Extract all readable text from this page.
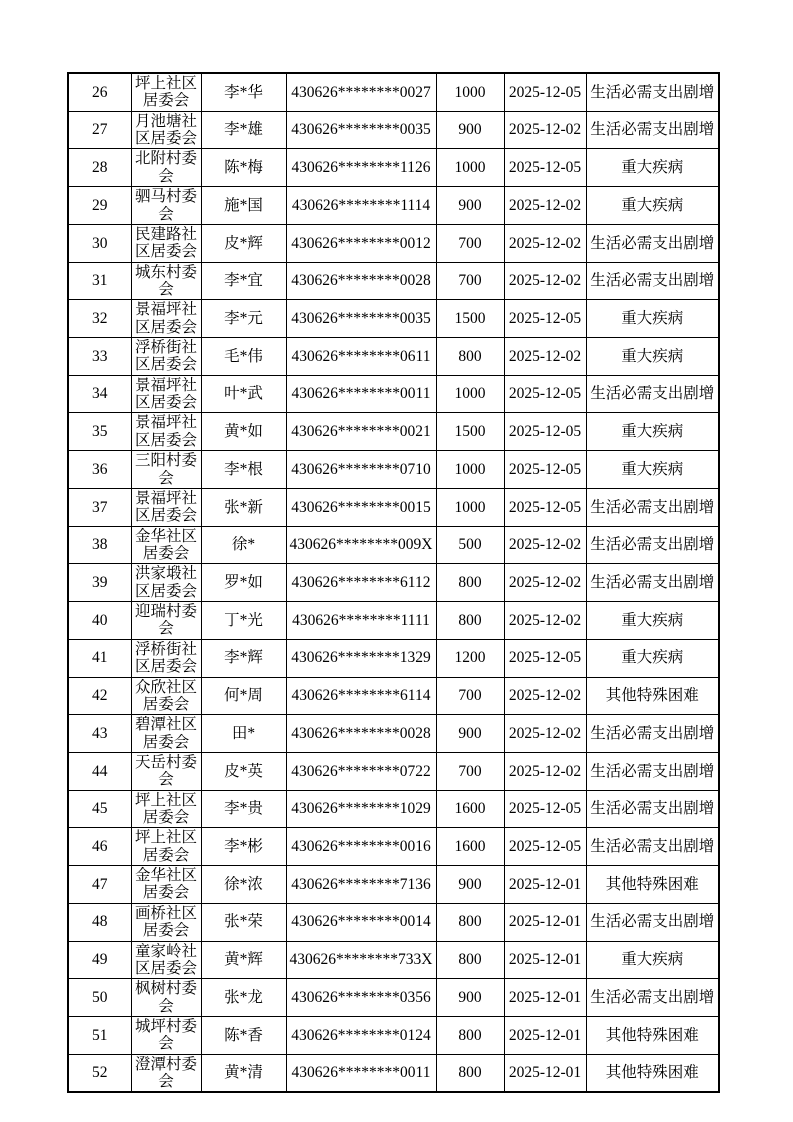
26	坪上社区居委会	李*华	430626********0027	1000	2025-12-05	生活必需支出剧增
27	月池塘社区居委会	李*雄	430626********0035	900	2025-12-02	生活必需支出剧增
28	北附村委会	陈*梅	430626********1126	1000	2025-12-05	重大疾病
29	驷马村委会	施*国	430626********1114	900	2025-12-02	重大疾病
30	民建路社区居委会	皮*辉	430626********0012	700	2025-12-02	生活必需支出剧增
31	城东村委会	李*宜	430626********0028	700	2025-12-02	生活必需支出剧增
32	景福坪社区居委会	李*元	430626********0035	1500	2025-12-05	重大疾病
33	浮桥街社区居委会	毛*伟	430626********0611	800	2025-12-02	重大疾病
34	景福坪社区居委会	叶*武	430626********0011	1000	2025-12-05	生活必需支出剧增
35	景福坪社区居委会	黄*如	430626********0021	1500	2025-12-05	重大疾病
36	三阳村委会	李*根	430626********0710	1000	2025-12-05	重大疾病
37	景福坪社区居委会	张*新	430626********0015	1000	2025-12-05	生活必需支出剧增
38	金华社区居委会	徐*	430626********009X	500	2025-12-02	生活必需支出剧增
39	洪家塅社区居委会	罗*如	430626********6112	800	2025-12-02	生活必需支出剧增
40	迎瑞村委会	丁*光	430626********1111	800	2025-12-02	重大疾病
41	浮桥街社区居委会	李*辉	430626********1329	1200	2025-12-05	重大疾病
42	众欣社区居委会	何*周	430626********6114	700	2025-12-02	其他特殊困难
43	碧潭社区居委会	田*	430626********0028	900	2025-12-02	生活必需支出剧增
44	天岳村委会	皮*英	430626********0722	700	2025-12-02	生活必需支出剧增
45	坪上社区居委会	李*贵	430626********1029	1600	2025-12-05	生活必需支出剧增
46	坪上社区居委会	李*彬	430626********0016	1600	2025-12-05	生活必需支出剧增
47	金华社区居委会	徐*浓	430626********7136	900	2025-12-01	其他特殊困难
48	画桥社区居委会	张*荣	430626********0014	800	2025-12-01	生活必需支出剧增
49	童家岭社区居委会	黄*辉	430626********733X	800	2025-12-01	重大疾病
50	枫树村委会	张*龙	430626********0356	900	2025-12-01	生活必需支出剧增
51	城坪村委会	陈*香	430626********0124	800	2025-12-01	其他特殊困难
52	澄潭村委会	黄*清	430626********0011	800	2025-12-01	其他特殊困难
